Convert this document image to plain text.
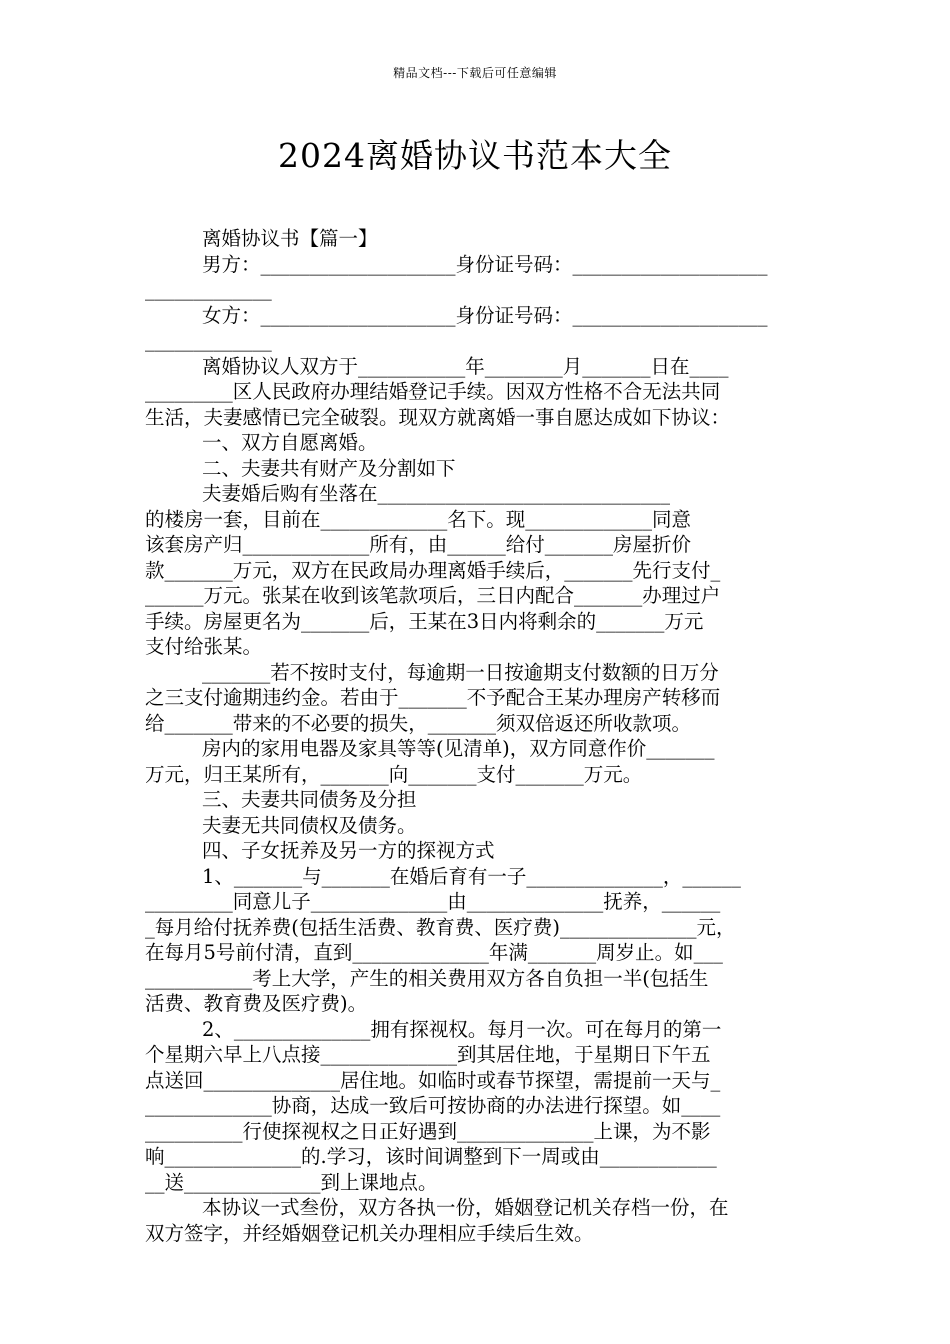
精品文档---下载后可任意编辑
2024离婚协议书范本大全
离婚协议书【篇一】
男方：____________________身份证号码：____________________
_____________
女方：____________________身份证号码：____________________
_____________
离婚协议人双方于___________年________月_______日在____
_________区人民政府办理结婚登记手续。因双方性格不合无法共同
生活，夫妻感情已完全破裂。现双方就离婚一事自愿达成如下协议：
一、双方自愿离婚。
二、夫妻共有财产及分割如下
夫妻婚后购有坐落在______________________________
的楼房一套，目前在_____________名下。现_____________同意
该套房产归_____________所有，由______给付_______房屋折价
款_______万元，双方在民政局办理离婚手续后，_______先行支付_
______万元。张某在收到该笔款项后，三日内配合_______办理过户
手续。房屋更名为_______后，王某在3日内将剩余的_______万元
支付给张某。
_______若不按时支付，每逾期一日按逾期支付数额的日万分
之三支付逾期违约金。若由于_______不予配合王某办理房产转移而
给_______带来的不必要的损失，_______须双倍返还所收款项。
房内的家用电器及家具等等(见清单)，双方同意作价_______
万元，归王某所有，_______向_______支付_______万元。
三、夫妻共同债务及分担
夫妻无共同债权及债务。
四、子女抚养及另一方的探视方式
1、_______与_______在婚后育有一子______________，______
_________同意儿子______________由______________抚养，______
_每月给付抚养费(包括生活费、教育费、医疗费)______________元，
在每月5号前付清，直到______________年满_______周岁止。如___
___________考上大学，产生的相关费用双方各自负担一半(包括生
活费、教育费及医疗费)。
2、______________拥有探视权。每月一次。可在每月的第一
个星期六早上八点接______________到其居住地，于星期日下午五
点送回______________居住地。如临时或春节探望，需提前一天与_
_____________协商，达成一致后可按协商的办法进行探望。如____
__________行使探视权之日正好遇到______________上课，为不影
响______________的.学习，该时间调整到下一周或由____________
__送______________到上课地点。
本协议一式叁份，双方各执一份，婚姻登记机关存档一份，在
双方签字，并经婚姻登记机关办理相应手续后生效。
